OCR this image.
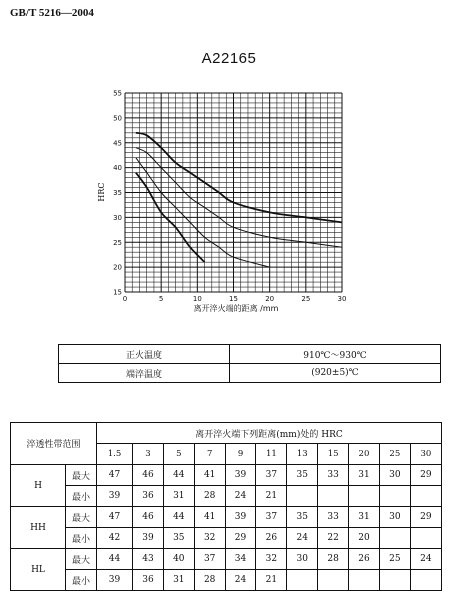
GB/T 5216—2004
A22165
0	5	10	15	20	25	30
15
20
25
30
35
40
45
50
55
离开淬火端的距离 /mm
HRC
正火温度	910℃～930℃
端淬温度	(920±5)℃
淬透性带范围		离开淬火端下列距离(mm)处的 HRC										
		1.5	3	5	7	9	11	13	15	20	25	30
H	最大	47	46	44	41	39	37	35	33	31	30	29
	最小	39	36	31	28	24	21					
HH	最大	47	46	44	41	39	37	35	33	31	30	29
	最小	42	39	35	32	29	26	24	22	20		
HL	最大	44	43	40	37	34	32	30	28	26	25	24
	最小	39	36	31	28	24	21					
